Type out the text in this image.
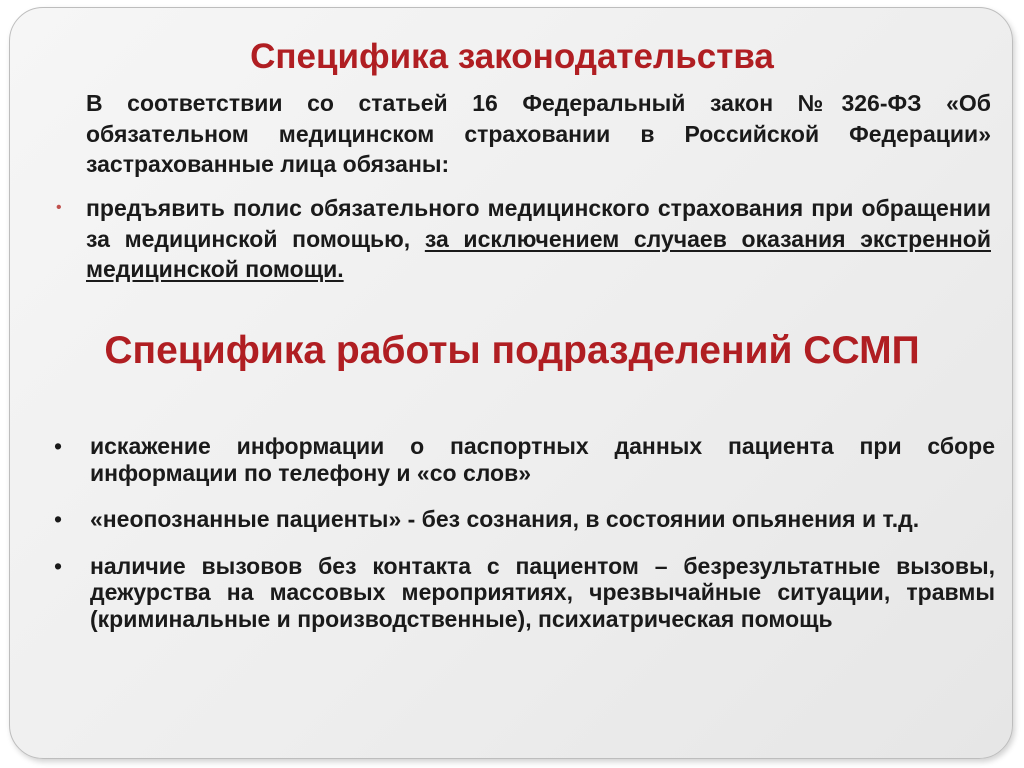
Специфика законодательства

В соответствии со статьей 16 Федеральный закон №326-ФЗ «Об обязательном медицинском страховании в Российской Федерации» застрахованные лица обязаны:

• предъявить полис обязательного медицинского страхования при обращении за медицинской помощью, за исключением случаев оказания экстренной медицинской помощи.

Специфика работы подразделений ССМП
• искажение информации о паспортных данных пациента при сборе информации по телефону и «со слов»
• «неопознанные пациенты» - без сознания, в состоянии опьянения и т.д.
• наличие вызовов без контакта с пациентом – безрезультатные вызовы, дежурства на массовых мероприятиях, чрезвычайные ситуации, травмы (криминальные и производственные), психиатрическая помощь
